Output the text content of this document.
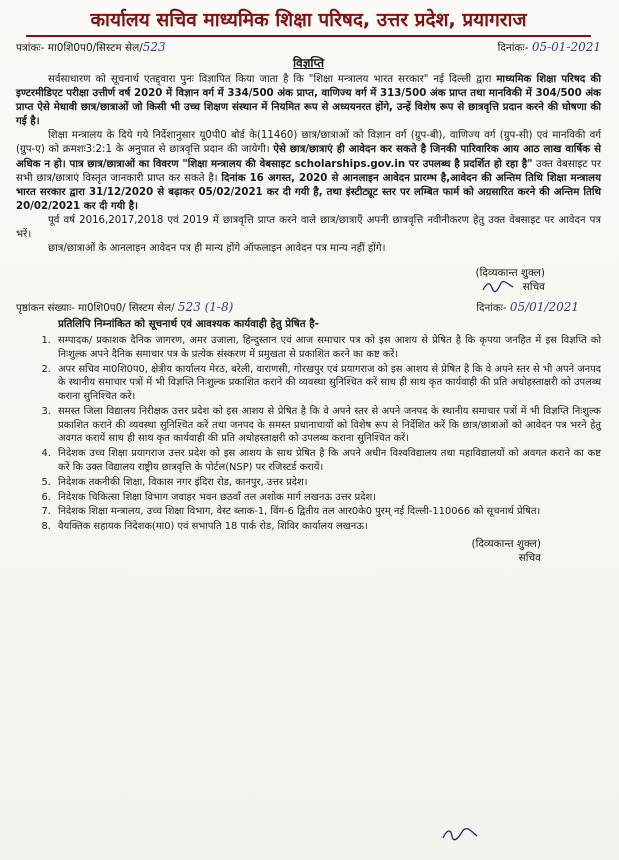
कार्यालय सचिव माध्यमिक शिक्षा परिषद, उत्तर प्रदेश, प्रयागराज
पत्रांकः- मा0शि0प0/सिस्टम सेल/523	दिनांकः- 05-01-2021
विज्ञप्ति

सर्वसाधारण को सूचनार्थ एतद्द्वारा पुनः विज्ञापित किया जाता है कि "शिक्षा मन्त्रालय भारत सरकार" नई दिल्ली द्वारा माध्यमिक शिक्षा परिषद की इण्टरमीडिएट परीक्षा उत्तीर्ण वर्ष 2020 में विज्ञान वर्ग में 334/500 अंक प्राप्त, वाणिज्य वर्ग में 313/500 अंक प्राप्त तथा मानविकी में 304/500 अंक प्राप्त ऐसे मेधावी छात्र/छात्राओं जो किसी भी उच्च शिक्षण संस्थान में नियमित रूप से अध्ययनरत होंगे, उन्हें विशेष रूप से छात्रवृत्ति प्रदान करने की घोषणा की गई है।

शिक्षा मन्त्रालय के दिये गये निर्देशानुसार यू0पी0 बोर्ड के(11460) छात्र/छात्राओं को विज्ञान वर्ग (ग्रुप-बी), वाणिज्य वर्ग (ग्रुप-सी) एवं मानविकी वर्ग (ग्रुप-ए) को क्रमशः3:2:1 के अनुपात से छात्रवृत्ति प्रदान की जायेगी। ऐसे छात्र/छात्राएं ही आवेदन कर सकते है जिनकी पारिवारिक आय आठ लाख वार्षिक से अधिक न हो। पात्र छात्र/छात्राओं का विवरण "शिक्षा मन्त्रालय की वेबसाइट scholarships.gov.in पर उपलब्ध है प्रदर्शित हो रहा है" उक्त वेबसाइट पर सभी छात्र/छात्राएं विस्तृत जानकारी प्राप्त कर सकते है। दिनांक 16 अगस्त, 2020 से आनलाइन आवेदन प्रारम्भ है,आवेदन की अन्तिम तिथि शिक्षा मन्त्रालय भारत सरकार द्वारा 31/12/2020 से बढ़ाकर 05/02/2021 कर दी गयी है, तथा इंस्टीट्यूट स्तर पर लम्बित फार्म को अग्रसारित करने की अन्तिम तिथि 20/02/2021 कर दी गयी है।

पूर्व वर्ष 2016,2017,2018 एवं 2019 में छात्रवृत्ति प्राप्त करने वाले छात्र/छात्राएँ अपनी छात्रवृत्ति नवीनीकरण हेतु उक्त वेबसाइट पर आवेदन पत्र भरें।

छात्र/छात्राओं के आनलाइन आवेदन पत्र ही मान्य होंगे ऑफलाइन आवेदन पत्र मान्य नहीं होंगे।

(दिव्यकान्त शुक्ल)
सचिव
पृष्ठांकन संख्याः- मा0शि0प0/ सिस्टम सेल/ 523 (1-8)	दिनांकः- 05/01/2021
प्रतिलिपि निम्नांकित को सूचनार्थ एवं आवश्यक कार्यवाही हेतु प्रेषित है-
1. सम्पादक/ प्रकाशक दैनिक जागरण, अमर उजाला, हिन्दुस्तान एवं आज समाचार पत्र को इस आशय से प्रेषित है कि कृपया जनहित में इस विज्ञप्ति को निःशुल्क अपने दैनिक समाचार पत्र के प्रत्येक संस्करण में प्रमुखता से प्रकाशित करने का कष्ट करें।
2. अपर सचिव मा0शि0प0, क्षेत्रीय कार्यालय मेरठ, बरेली, वाराणसी, गोरखपुर एवं प्रयागराज को इस आशय से प्रेषित है कि वे अपने स्तर से भी अपने जनपद के स्थानीय समाचार पत्रों में भी विज्ञप्ति निःशुल्क प्रकाशित कराने की व्यवस्था सुनिश्चित करें साथ ही साथ कृत कार्यवाही की प्रति अधोहस्ताक्षरी को उपलब्ध कराना सुनिश्चित करें।
3. समस्त जिला विद्यालय निरीक्षक उत्तर प्रदेश को इस आशय से प्रेषित है कि वे अपने स्तर से अपने जनपद के स्थानीय समाचार पत्रों में भी विज्ञप्ति निःशुल्क प्रकाशित कराने की व्यवस्था सुनिश्चित करें तथा जनपद के समस्त प्रधानाचार्यो को विशेष रूप से निर्देशित करें कि छात्र/छात्राओं को आवेदन पत्र भरने हेतु अवगत करायें साथ ही साथ कृत कार्यवाही की प्रति अधोहस्ताक्षरी को उपलब्ध कराना सुनिश्चित करें।
4. निदेशक उच्च शिक्षा प्रयागराज उत्तर प्रदेश को इस आशय के साथ प्रेषित है कि अपने अधीन विश्वविद्यालय तथा महाविद्यालयों को अवगत कराने का कष्ट करें कि उक्त विद्यालय राष्ट्रीय छात्रवृत्ति के पोर्टल(NSP) पर रजिस्टर्ड करायें।
5. निदेशक तकनीकी शिक्षा, विकास नगर इंदिरा रोड, कानपुर, उत्तर प्रदेश।
6. निदेशक चिकित्सा शिक्षा विभाग जवाहर भवन छठवाँ तल अशोक मार्ग लखनऊ उत्तर प्रदेश।
7. निदेशक शिक्षा मन्त्रालय, उच्च शिक्षा विभाग, वेस्ट ब्लाक-1, विंग-6 द्वितीय तल आर0के0 पुरम् नई दिल्ली-110066 को सूचनार्थ प्रेषित।
8. वैयक्तिक सहायक निदेशक(मा0) एवं सभापति 18 पार्क रोड, शिविर कार्यालय लखनऊ।
(दिव्यकान्त शुक्ल)
सचिव
